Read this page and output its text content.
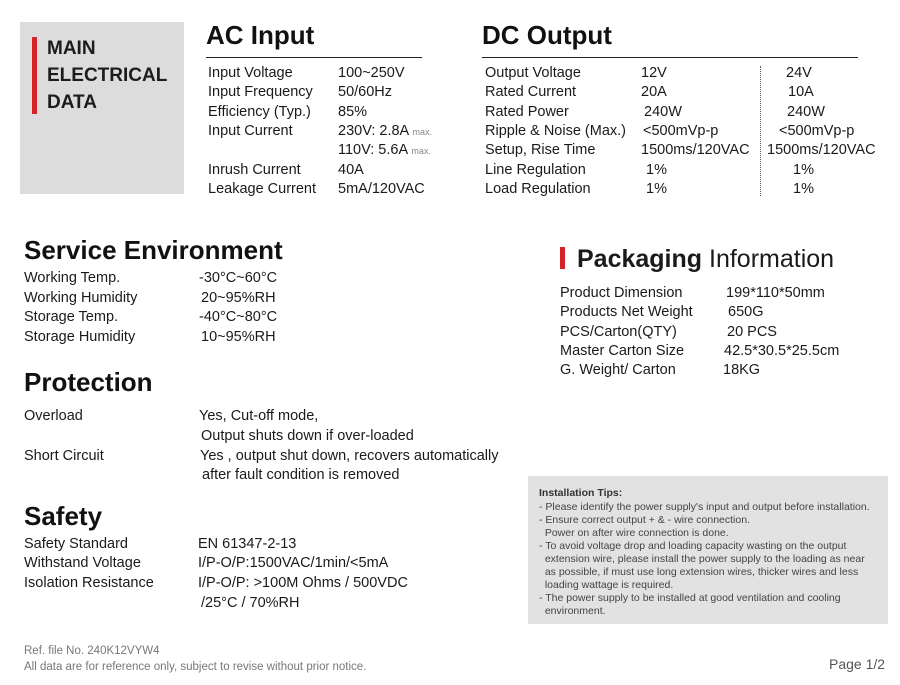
MAIN
ELECTRICAL
DATA
AC Input
Input Voltage	100~250V
Input Frequency 50/60Hz
Efficiency (Typ.) 85%
Input Current	230V: 2.8A max.
110V: 5.6A max.
Inrush Current	40A
Leakage Current 5mA/120VAC
DC Output
Output Voltage	12V	24V
Rated Current	20A	10A
Rated Power	240W	240W
Ripple & Noise (Max.) <500mVp-p	<500mVp-p
Setup, Rise Time	1500ms/120VAC 1500ms/120VAC
Line Regulation	1%	1%
Load Regulation	1%	1%
Service Environment
Working Temp.	-30°C~60°C
Working Humidity	20~95%RH
Storage Temp.	-40°C~80°C
Storage Humidity	10~95%RH
Packaging Information
Product Dimension	199*110*50mm
Products Net Weight 650G
PCS/Carton(QTY)	20 PCS
Master Carton Size	42.5*30.5*25.5cm
G. Weight/ Carton	18KG
Protection
Overload	Yes, Cut-off mode,
Output shuts down if over-loaded
Short Circuit	Yes , output shut down, recovers automatically
after fault condition is removed
Safety
Safety Standard	EN 61347-2-13
Withstand Voltage	I/P-O/P:1500VAC/1min/<5mA
Isolation Resistance	I/P-O/P: >100M Ohms / 500VDC
/25°C / 70%RH
Installation Tips:
- Please identify the power supply's input and output before installation.
- Ensure correct output + & - wire connection.
Power on after wire connection is done.
- To avoid voltage drop and loading capacity wasting on the output
extension wire, please install the power supply to the loading as near
as possible, if must use long extension wires, thicker wires and less
loading wattage is required.
- The power supply to be installed at good ventilation and cooling
environment.
Ref. file No. 240K12VYW4
All data are for reference only, subject to revise without prior notice.	Page 1/2
